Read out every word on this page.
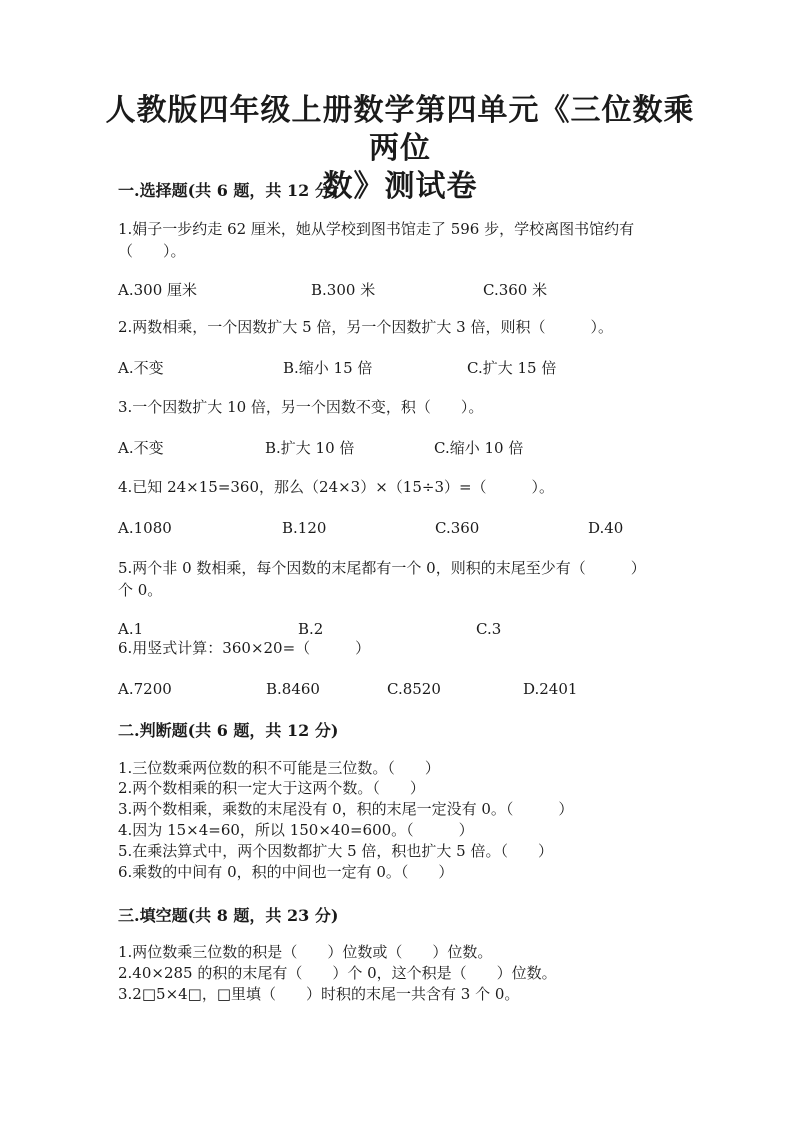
人教版四年级上册数学第四单元《三位数乘两位
数》测试卷
一.选择题(共 6 题，共 12 分)
1.娟子一步约走 62 厘米，她从学校到图书馆走了 596 步，学校离图书馆约有
（　　）。
A.300 厘米	B.300 米	C.360 米
2.两数相乘，一个因数扩大 5 倍，另一个因数扩大 3 倍，则积（　　　）。
A.不变	B.缩小 15 倍	C.扩大 15 倍
3.一个因数扩大 10 倍，另一个因数不变，积（　　）。
A.不变	B.扩大 10 倍	C.缩小 10 倍
4.已知 24×15=360，那么（24×3）×（15÷3）=（　　　）。
A.1080	B.120	C.360	D.40
5.两个非 0 数相乘，每个因数的末尾都有一个 0，则积的末尾至少有（　　　）
个 0。
A.1	B.2	C.3
6.用竖式计算：360×20=（　　　）
A.7200	B.8460	C.8520	D.2401
二.判断题(共 6 题，共 12 分)
1.三位数乘两位数的积不可能是三位数。（　　）
2.两个数相乘的积一定大于这两个数。（　　）
3.两个数相乘，乘数的末尾没有 0，积的末尾一定没有 0。（　　　）
4.因为 15×4=60，所以 150×40=600。（　　　）
5.在乘法算式中，两个因数都扩大 5 倍，积也扩大 5 倍。（　　）
6.乘数的中间有 0，积的中间也一定有 0。（　　）
三.填空题(共 8 题，共 23 分)
1.两位数乘三位数的积是（　　）位数或（　　）位数。
2.40×285 的积的末尾有（　　）个 0，这个积是（　　）位数。
3.2□5×4□，□里填（　　）时积的末尾一共含有 3 个 0。
